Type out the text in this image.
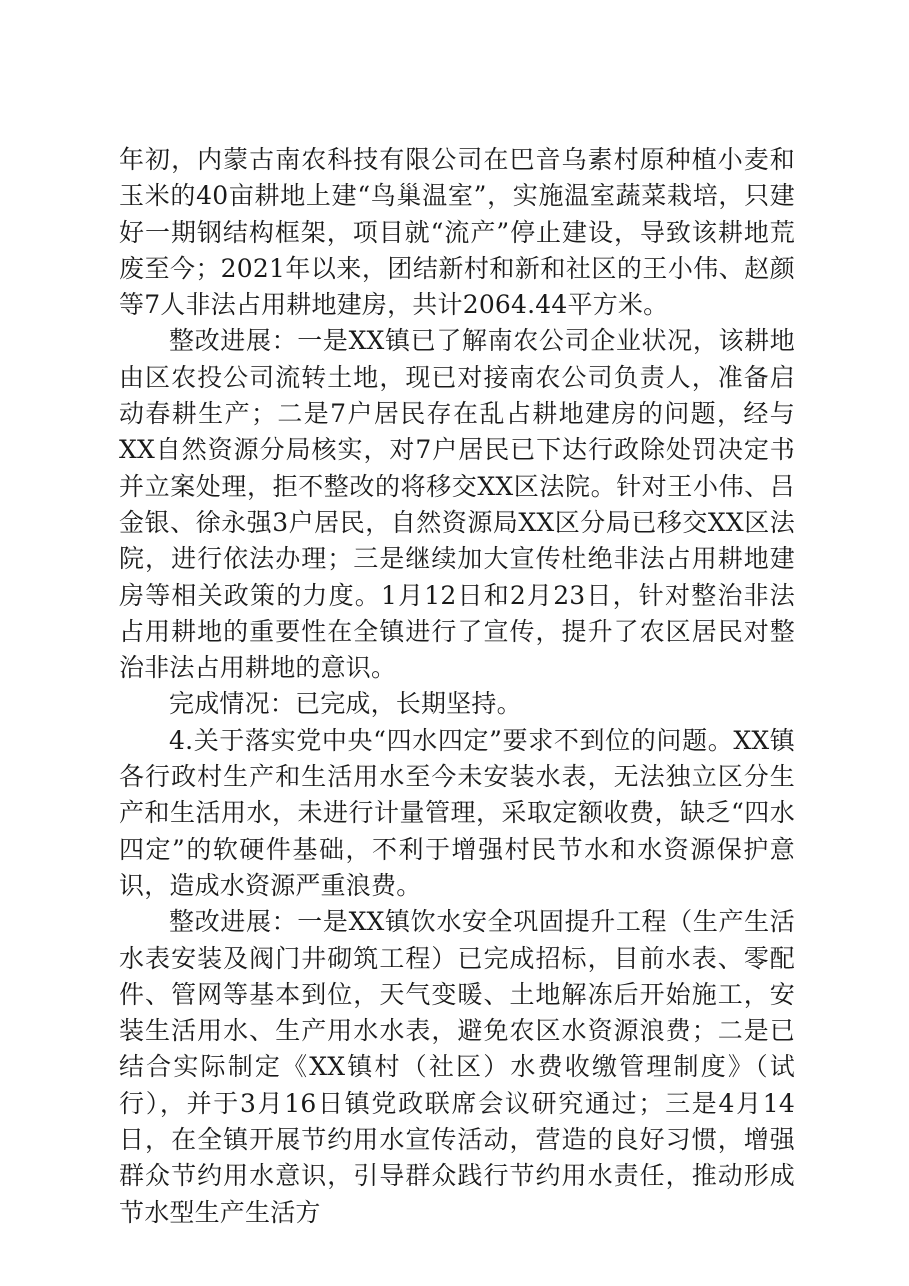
年初，内蒙古南农科技有限公司在巴音乌素村原种植小麦和玉米的40亩耕地上建“鸟巢温室”，实施温室蔬菜栽培，只建好一期钢结构框架，项目就“流产”停止建设，导致该耕地荒废至今；2021年以来，团结新村和新和社区的王小伟、赵颜等7人非法占用耕地建房，共计2064.44平方米。

整改进展：一是XX镇已了解南农公司企业状况，该耕地由区农投公司流转土地，现已对接南农公司负责人，准备启动春耕生产；二是7户居民存在乱占耕地建房的问题，经与XX自然资源分局核实，对7户居民已下达行政除处罚决定书并立案处理，拒不整改的将移交XX区法院。针对王小伟、吕金银、徐永强3户居民，自然资源局XX区分局已移交XX区法院，进行依法办理；三是继续加大宣传杜绝非法占用耕地建房等相关政策的力度。1月12日和2月23日，针对整治非法占用耕地的重要性在全镇进行了宣传，提升了农区居民对整治非法占用耕地的意识。

完成情况：已完成，长期坚持。

4.关于落实党中央“四水四定”要求不到位的问题。XX镇各行政村生产和生活用水至今未安装水表，无法独立区分生产和生活用水，未进行计量管理，采取定额收费，缺乏“四水四定”的软硬件基础，不利于增强村民节水和水资源保护意识，造成水资源严重浪费。

整改进展：一是XX镇饮水安全巩固提升工程（生产生活水表安装及阀门井砌筑工程）已完成招标，目前水表、零配件、管网等基本到位，天气变暖、土地解冻后开始施工，安装生活用水、生产用水水表，避免农区水资源浪费；二是已结合实际制定《XX镇村（社区）水费收缴管理制度》（试行），并于3月16日镇党政联席会议研究通过；三是4月14日，在全镇开展节约用水宣传活动，营造的良好习惯，增强群众节约用水意识，引导群众践行节约用水责任，推动形成节水型生产生活方
